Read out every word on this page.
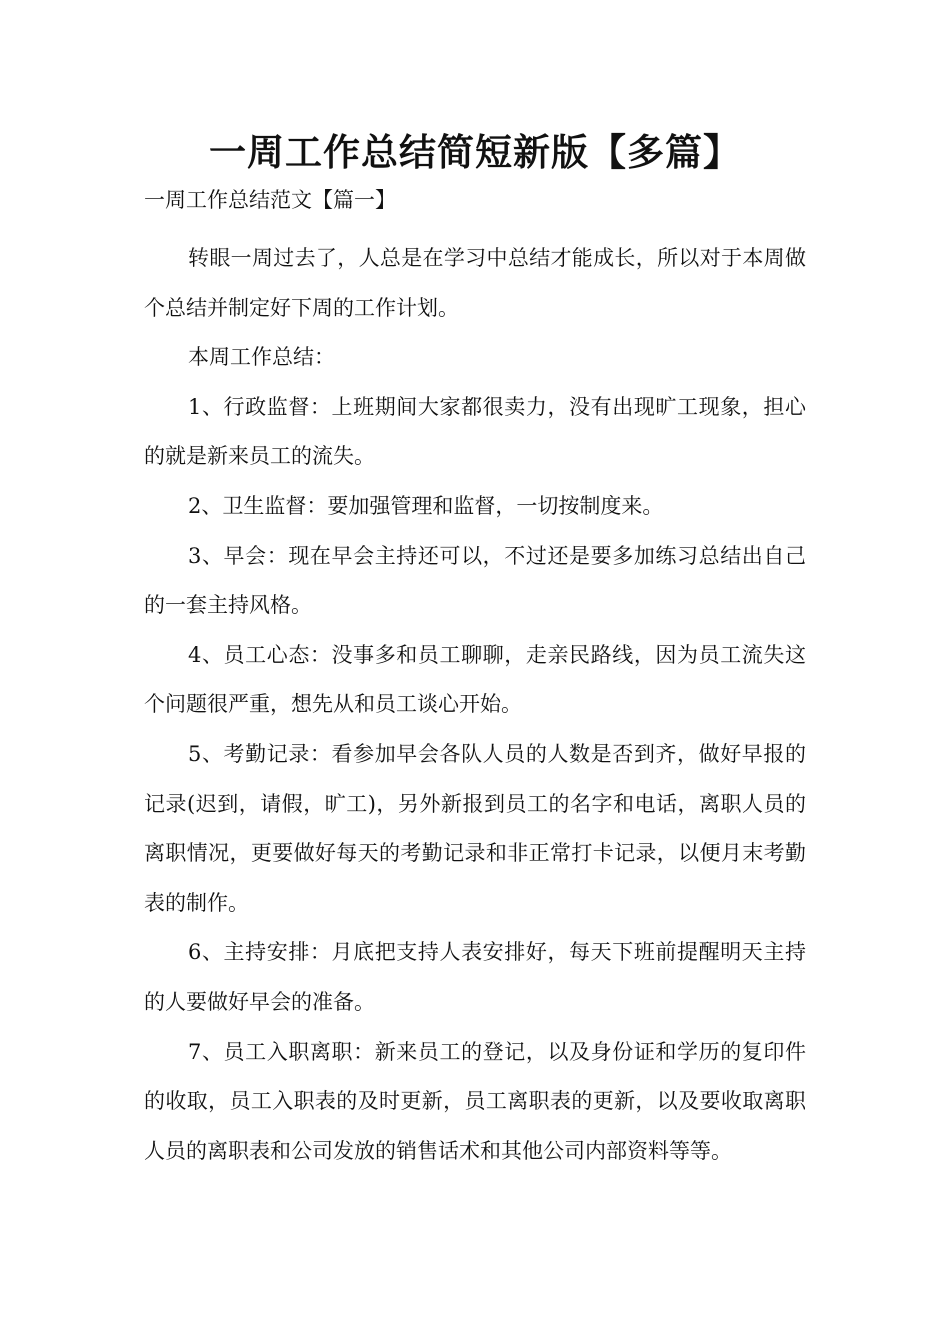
一周工作总结简短新版【多篇】

一周工作总结范文【篇一】

转眼一周过去了，人总是在学习中总结才能成长，所以对于本周做个总结并制定好下周的工作计划。

本周工作总结：

1、行政监督：上班期间大家都很卖力，没有出现旷工现象，担心的就是新来员工的流失。

2、卫生监督：要加强管理和监督，一切按制度来。

3、早会：现在早会主持还可以，不过还是要多加练习总结出自己的一套主持风格。

4、员工心态：没事多和员工聊聊，走亲民路线，因为员工流失这个问题很严重，想先从和员工谈心开始。

5、考勤记录：看参加早会各队人员的人数是否到齐，做好早报的记录(迟到，请假，旷工)，另外新报到员工的名字和电话，离职人员的离职情况，更要做好每天的考勤记录和非正常打卡记录，以便月末考勤表的制作。

6、主持安排：月底把支持人表安排好，每天下班前提醒明天主持的人要做好早会的准备。

7、员工入职离职：新来员工的登记，以及身份证和学历的复印件的收取，员工入职表的及时更新，员工离职表的更新，以及要收取离职人员的离职表和公司发放的销售话术和其他公司内部资料等等。
